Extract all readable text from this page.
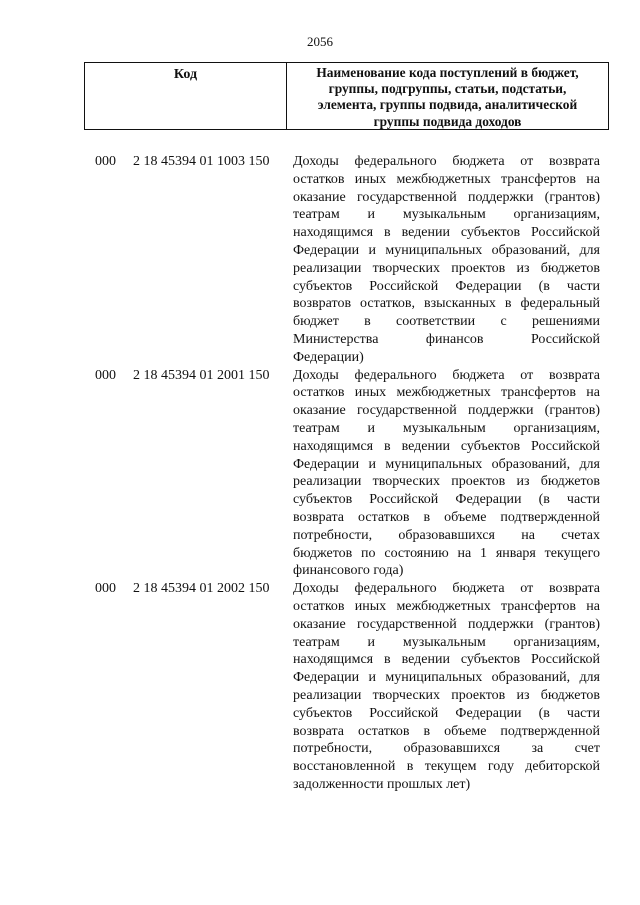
2056
Код	Наименование кода поступлений в бюджет,
группы, подгруппы, статьи, подстатьи,
элемента, группы подвида, аналитической
группы подвида доходов
000	2 18 45394 01 1003 150	Доходы федерального бюджета от возврата
остатков иных межбюджетных трансфертов на
оказание государственной поддержки (грантов)
театрам и музыкальным организациям,
находящимся в ведении субъектов Российской
Федерации и муниципальных образований, для
реализации творческих проектов из бюджетов
субъектов Российской Федерации (в части
возвратов остатков, взысканных в федеральный
бюджет в соответствии с решениями
Министерства финансов Российской
Федерации)
000	2 18 45394 01 2001 150	Доходы федерального бюджета от возврата
остатков иных межбюджетных трансфертов на
оказание государственной поддержки (грантов)
театрам и музыкальным организациям,
находящимся в ведении субъектов Российской
Федерации и муниципальных образований, для
реализации творческих проектов из бюджетов
субъектов Российской Федерации (в части
возврата остатков в объеме подтвержденной
потребности, образовавшихся на счетах
бюджетов по состоянию на 1 января текущего
финансового года)
000	2 18 45394 01 2002 150	Доходы федерального бюджета от возврата
остатков иных межбюджетных трансфертов на
оказание государственной поддержки (грантов)
театрам и музыкальным организациям,
находящимся в ведении субъектов Российской
Федерации и муниципальных образований, для
реализации творческих проектов из бюджетов
субъектов Российской Федерации (в части
возврата остатков в объеме подтвержденной
потребности, образовавшихся за счет
восстановленной в текущем году дебиторской
задолженности прошлых лет)
